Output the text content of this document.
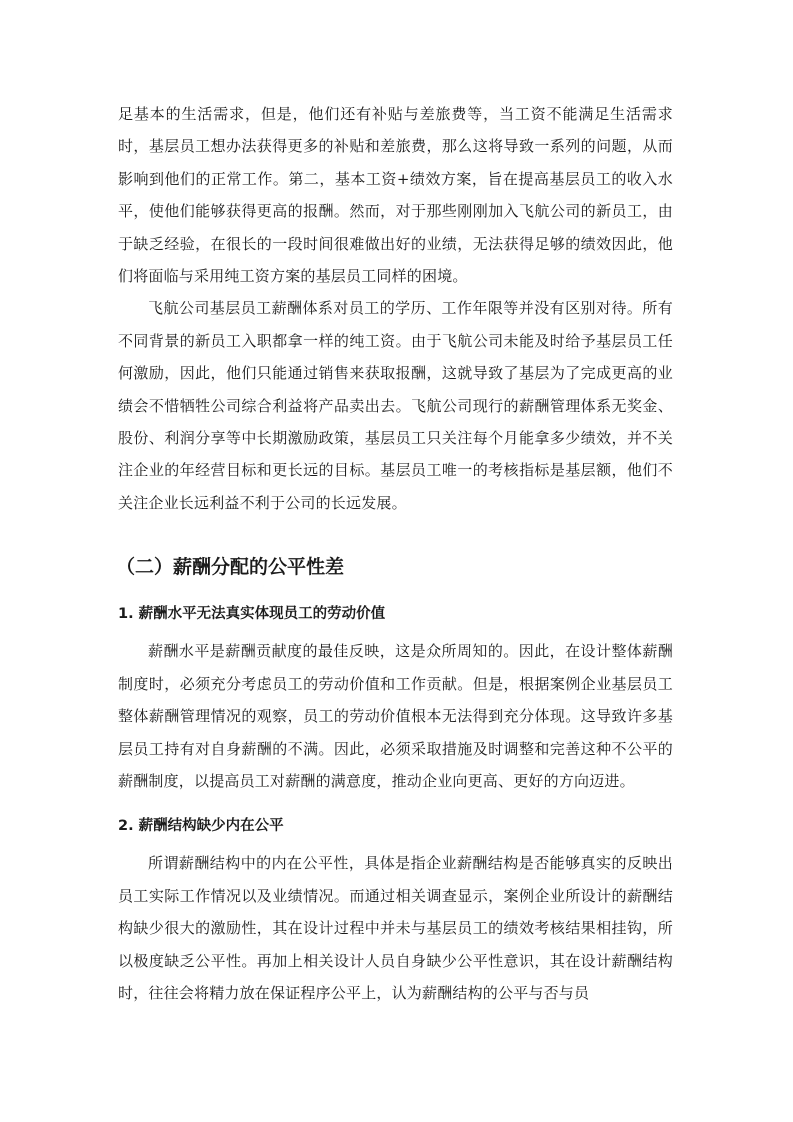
足基本的生活需求，但是，他们还有补贴与差旅费等，当工资不能满足生活需求时，基层员工想办法获得更多的补贴和差旅费，那么这将导致一系列的问题，从而影响到他们的正常工作。第二，基本工资+绩效方案，旨在提高基层员工的收入水平，使他们能够获得更高的报酬。然而，对于那些刚刚加入飞航公司的新员工，由于缺乏经验，在很长的一段时间很难做出好的业绩，无法获得足够的绩效因此，他们将面临与采用纯工资方案的基层员工同样的困境。

飞航公司基层员工薪酬体系对员工的学历、工作年限等并没有区别对待。所有不同背景的新员工入职都拿一样的纯工资。由于飞航公司未能及时给予基层员工任何激励，因此，他们只能通过销售来获取报酬，这就导致了基层为了完成更高的业绩会不惜牺牲公司综合利益将产品卖出去。飞航公司现行的薪酬管理体系无奖金、股份、利润分享等中长期激励政策，基层员工只关注每个月能拿多少绩效，并不关注企业的年经营目标和更长远的目标。基层员工唯一的考核指标是基层额，他们不关注企业长远利益不利于公司的长远发展。

（二）薪酬分配的公平性差
1. 薪酬水平无法真实体现员工的劳动价值

薪酬水平是薪酬贡献度的最佳反映，这是众所周知的。因此，在设计整体薪酬制度时，必须充分考虑员工的劳动价值和工作贡献。但是，根据案例企业基层员工整体薪酬管理情况的观察，员工的劳动价值根本无法得到充分体现。这导致许多基层员工持有对自身薪酬的不满。因此，必须采取措施及时调整和完善这种不公平的薪酬制度，以提高员工对薪酬的满意度，推动企业向更高、更好的方向迈进。

2. 薪酬结构缺少内在公平

所谓薪酬结构中的内在公平性，具体是指企业薪酬结构是否能够真实的反映出员工实际工作情况以及业绩情况。而通过相关调查显示，案例企业所设计的薪酬结构缺少很大的激励性，其在设计过程中并未与基层员工的绩效考核结果相挂钩，所以极度缺乏公平性。再加上相关设计人员自身缺少公平性意识，其在设计薪酬结构时，往往会将精力放在保证程序公平上，认为薪酬结构的公平与否与员
